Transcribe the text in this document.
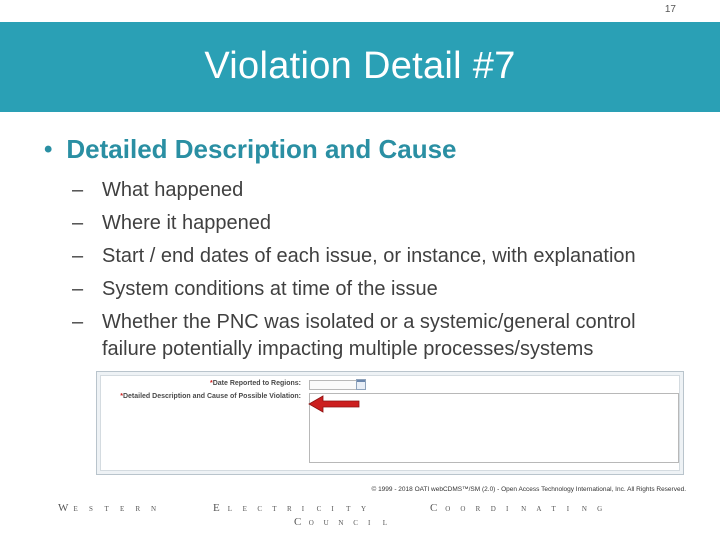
17
Violation Detail #7
• Detailed Description and Cause
– What happened
– Where it happened
– Start / end dates of each issue, or instance, with explanation
– System conditions at time of the issue
– Whether the PNC was isolated or a systemic/general control failure potentially impacting multiple processes/systems
*Date Reported to Regions:
*Detailed Description and Cause of Possible Violation:
© 1999 - 2018 OATI webCDMS™/SM (2.0) - Open Access Technology International, Inc. All Rights Reserved.
W E S T E R N	E L E C T R I C I T Y	C O O R D I N A T I N G
C O U N C I L
